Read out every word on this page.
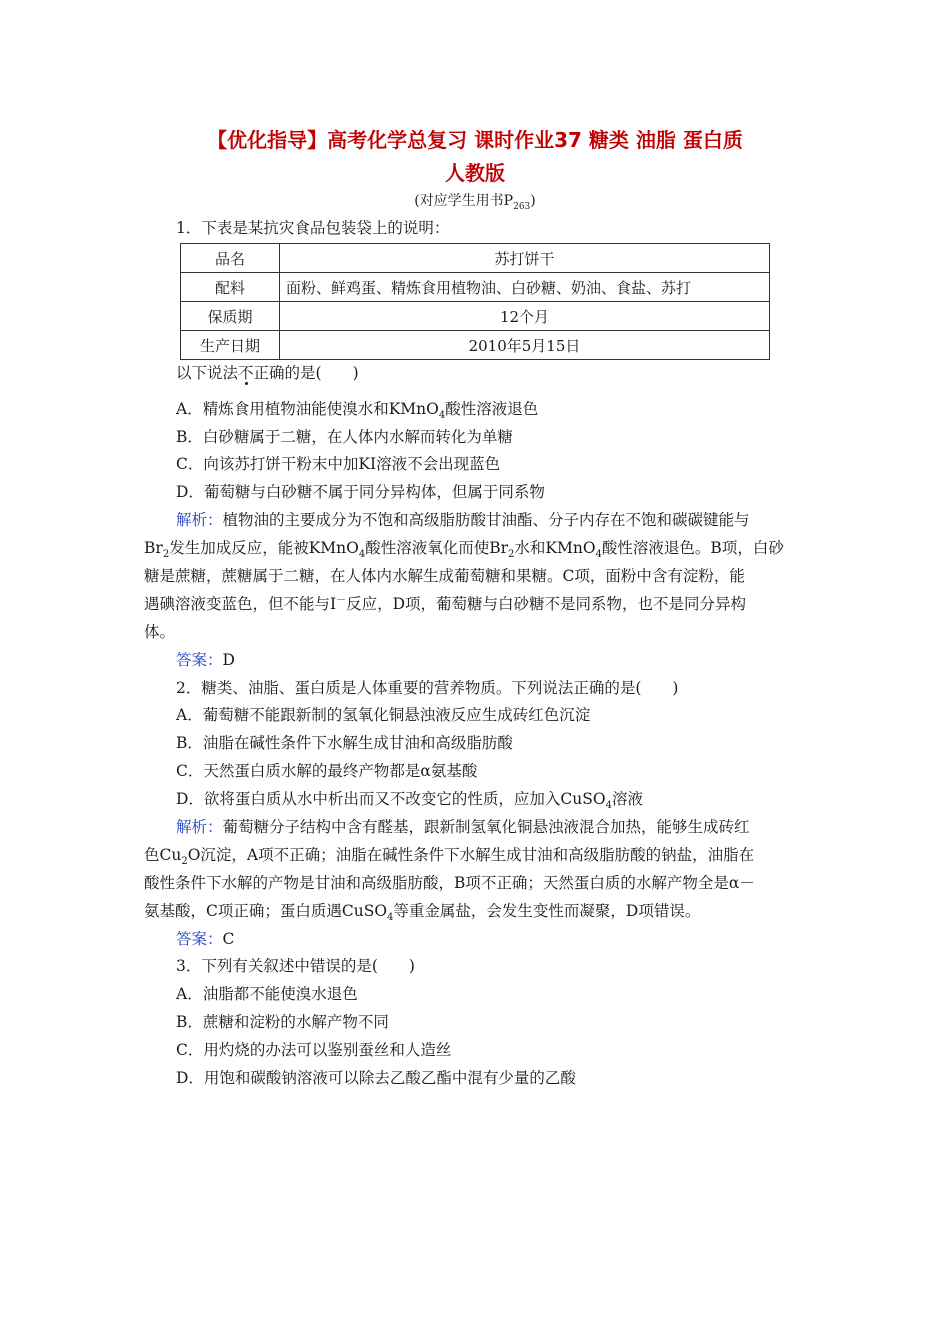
【优化指导】高考化学总复习 课时作业37 糖类 油脂 蛋白质
人教版
(对应学生用书$P_{263}$)
1．下表是某抗灾食品包装袋上的说明：
品名	苏打饼干
配料	面粉、鲜鸡蛋、精炼食用植物油、白砂糖、奶油、食盐、苏打
保质期	12个月
生产日期	2010年5月15日
以下说法不正确的是(　　)
A．精炼食用植物油能使溴水和KMnO$_4$酸性溶液退色
B．白砂糖属于二糖，在人体内水解而转化为单糖
C．向该苏打饼干粉末中加KI溶液不会出现蓝色
D．葡萄糖与白砂糖不属于同分异构体，但属于同系物
解析：植物油的主要成分为不饱和高级脂肪酸甘油酯、分子内存在不饱和碳碳键能与
$Br_2$发生加成反应，能被KMnO$_4$酸性溶液氧化而使$Br_2$水和KMnO$_4$酸性溶液退色。B项，白砂
糖是蔗糖，蔗糖属于二糖，在人体内水解生成葡萄糖和果糖。C项，面粉中含有淀粉，能
遇碘溶液变蓝色，但不能与I－反应，D项，葡萄糖与白砂糖不是同系物，也不是同分异构
体。
答案：D
2．糖类、油脂、蛋白质是人体重要的营养物质。下列说法正确的是(　　)
A．葡萄糖不能跟新制的氢氧化铜悬浊液反应生成砖红色沉淀
B．油脂在碱性条件下水解生成甘油和高级脂肪酸
C．天然蛋白质水解的最终产物都是α氨基酸
D．欲将蛋白质从水中析出而又不改变它的性质，应加入CuSO$_4$溶液
解析：葡萄糖分子结构中含有醛基，跟新制氢氧化铜悬浊液混合加热，能够生成砖红
色$Cu_2O$沉淀，A项不正确；油脂在碱性条件下水解生成甘油和高级脂肪酸的钠盐，油脂在
酸性条件下水解的产物是甘油和高级脂肪酸，B项不正确；天然蛋白质的水解产物全是α－
氨基酸，C项正确；蛋白质遇CuSO$_4$等重金属盐，会发生变性而凝聚，D项错误。
答案：C
3．下列有关叙述中错误的是(　　)
A．油脂都不能使溴水退色
B．蔗糖和淀粉的水解产物不同
C．用灼烧的办法可以鉴别蚕丝和人造丝
D．用饱和碳酸钠溶液可以除去乙酸乙酯中混有少量的乙酸
